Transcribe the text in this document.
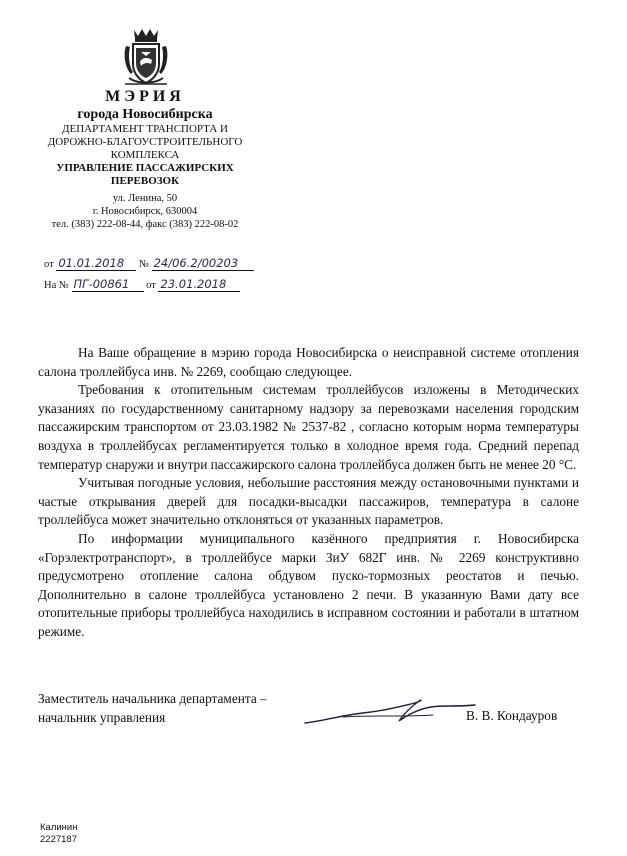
МЭРИЯ
города Новосибирска
ДЕПАРТАМЕНТ ТРАНСПОРТА И
ДОРОЖНО-БЛАГОУСТРОИТЕЛЬНОГО
КОМПЛЕКСА
УПРАВЛЕНИЕ ПАССАЖИРСКИХ
ПЕРЕВОЗОК
ул. Ленина, 50
г. Новосибирск, 630004
тел. (383) 222-08-44, факс (383) 222-08-02
от 01.01.2018 № 24/06.2/00203
На № ПГ-00861 от 23.01.2018

На Ваше обращение в мэрию города Новосибирска о неисправной системе отопления салона троллейбуса инв. № 2269, сообщаю следующее.

Требования к отопительным системам троллейбусов изложены в Методических указаниях по государственному санитарному надзору за перевозками населения городским пассажирским транспортом от 23.03.1982 № 2537-82 , согласно которым норма температуры воздуха в троллейбусах регламентируется только в холодное время года. Средний перепад температур снаружи и внутри пассажирского салона троллейбуса должен быть не менее 20 °С.

Учитывая погодные условия, небольшие расстояния между остановочными пунктами и частые открывания дверей для посадки-высадки пассажиров, температура в салоне троллейбуса может значительно отклоняться от указанных параметров.

По информации муниципального казённого предприятия г. Новосибирска «Горэлектротранспорт», в троллейбусе марки ЗиУ 682Г инв. № 2269 конструктивно предусмотрено отопление салона обдувом пуско-тормозных реостатов и печью. Дополнительно в салоне троллейбуса установлено 2 печи. В указанную Вами дату все отопительные приборы троллейбуса находились в исправном состоянии и работали в штатном режиме.

Заместитель начальника департамента –
начальник управления	В. В. Кондауров
Калинин
2227187
